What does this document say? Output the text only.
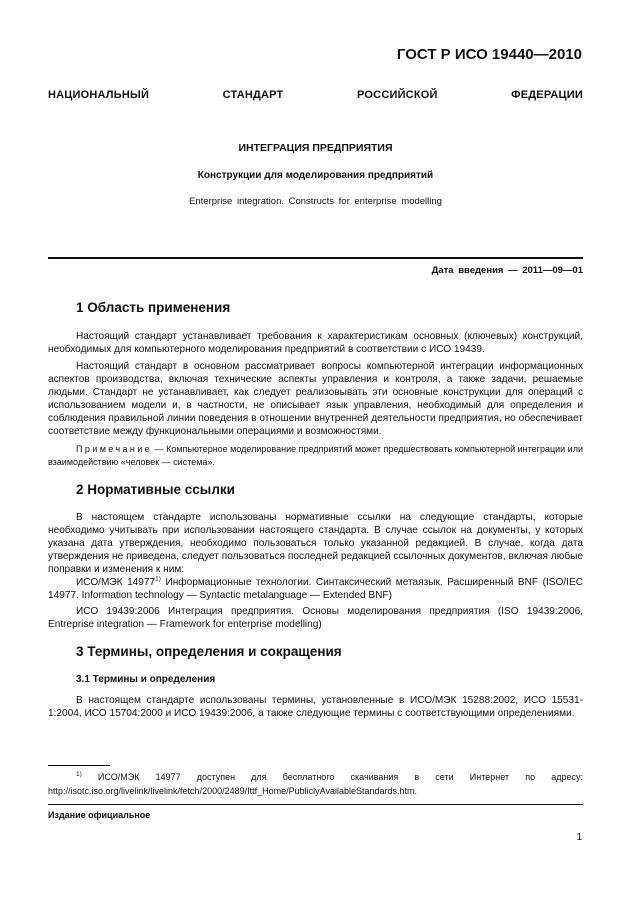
ГОСТ Р ИСО 19440—2010
НАЦИОНАЛЬНЫЙ СТАНДАРТ РОССИЙСКОЙ ФЕДЕРАЦИИ
ИНТЕГРАЦИЯ ПРЕДПРИЯТИЯ
Конструкции для моделирования предприятий
Enterprise integration. Constructs for enterprise modelling
Дата введения — 2011—09—01
1 Область применения

Настоящий стандарт устанавливает требования к характеристикам основных (ключевых) конструкций, необходимых для компьютерного моделирования предприятий в соответствии с ИСО 19439.

Настоящий стандарт в основном рассматривает вопросы компьютерной интеграции информационных аспектов производства, включая технические аспекты управления и контроля, а также задачи, решаемые людьми. Стандарт не устанавливает, как следует реализовывать эти основные конструкции для операций с использованием модели и, в частности, не описывает язык управления, необходимый для определения и соблюдения правильной линии поведения в отношении внутренней деятельности предприятия, но обеспечивает соответствие между функциональными операциями и возможностями.

Примечание — Компьютерное моделирование предприятий может предшествовать компьютерной интеграции или взаимодействию «человек — система».

2 Нормативные ссылки

В настоящем стандарте использованы нормативные ссылки на следующие стандарты, которые необходимо учитывать при использовании настоящего стандарта. В случае ссылок на документы, у которых указана дата утверждения, необходимо пользоваться только указанной редакцией. В случае, когда дата утверждения не приведена, следует пользоваться последней редакцией ссылочных документов, включая любые поправки и изменения к ним:

ИСО/МЭК 14977$^{1)}$ Информационные технологии. Синтаксический метаязык. Расширенный BNF (ISO/IEC 14977. Information technology — Syntactic metalanguage — Extended BNF)

ИСО 19439:2006 Интеграция предприятия. Основы моделирования предприятия (ISO 19439:2006, Entreprise integration — Framework for enterprise modelling)

3 Термины, определения и сокращения
3.1 Термины и определения

В настоящем стандарте использованы термины, установленные в ИСО/МЭК 15288:2002, ИСО 15531-1:2004, ИСО 15704:2000 и ИСО 19439:2006, а также следующие термины с соответствующими определениями.

$^{1)}$ ИСО/МЭК 14977 доступен для бесплатного скачивания в сети Интернет по адресу: http://isotc.iso.org/livelink/livelink/fetch/2000/2489/Ittf_Home/PubliclyAvailableStandards.htm.

Издание официальное
1
